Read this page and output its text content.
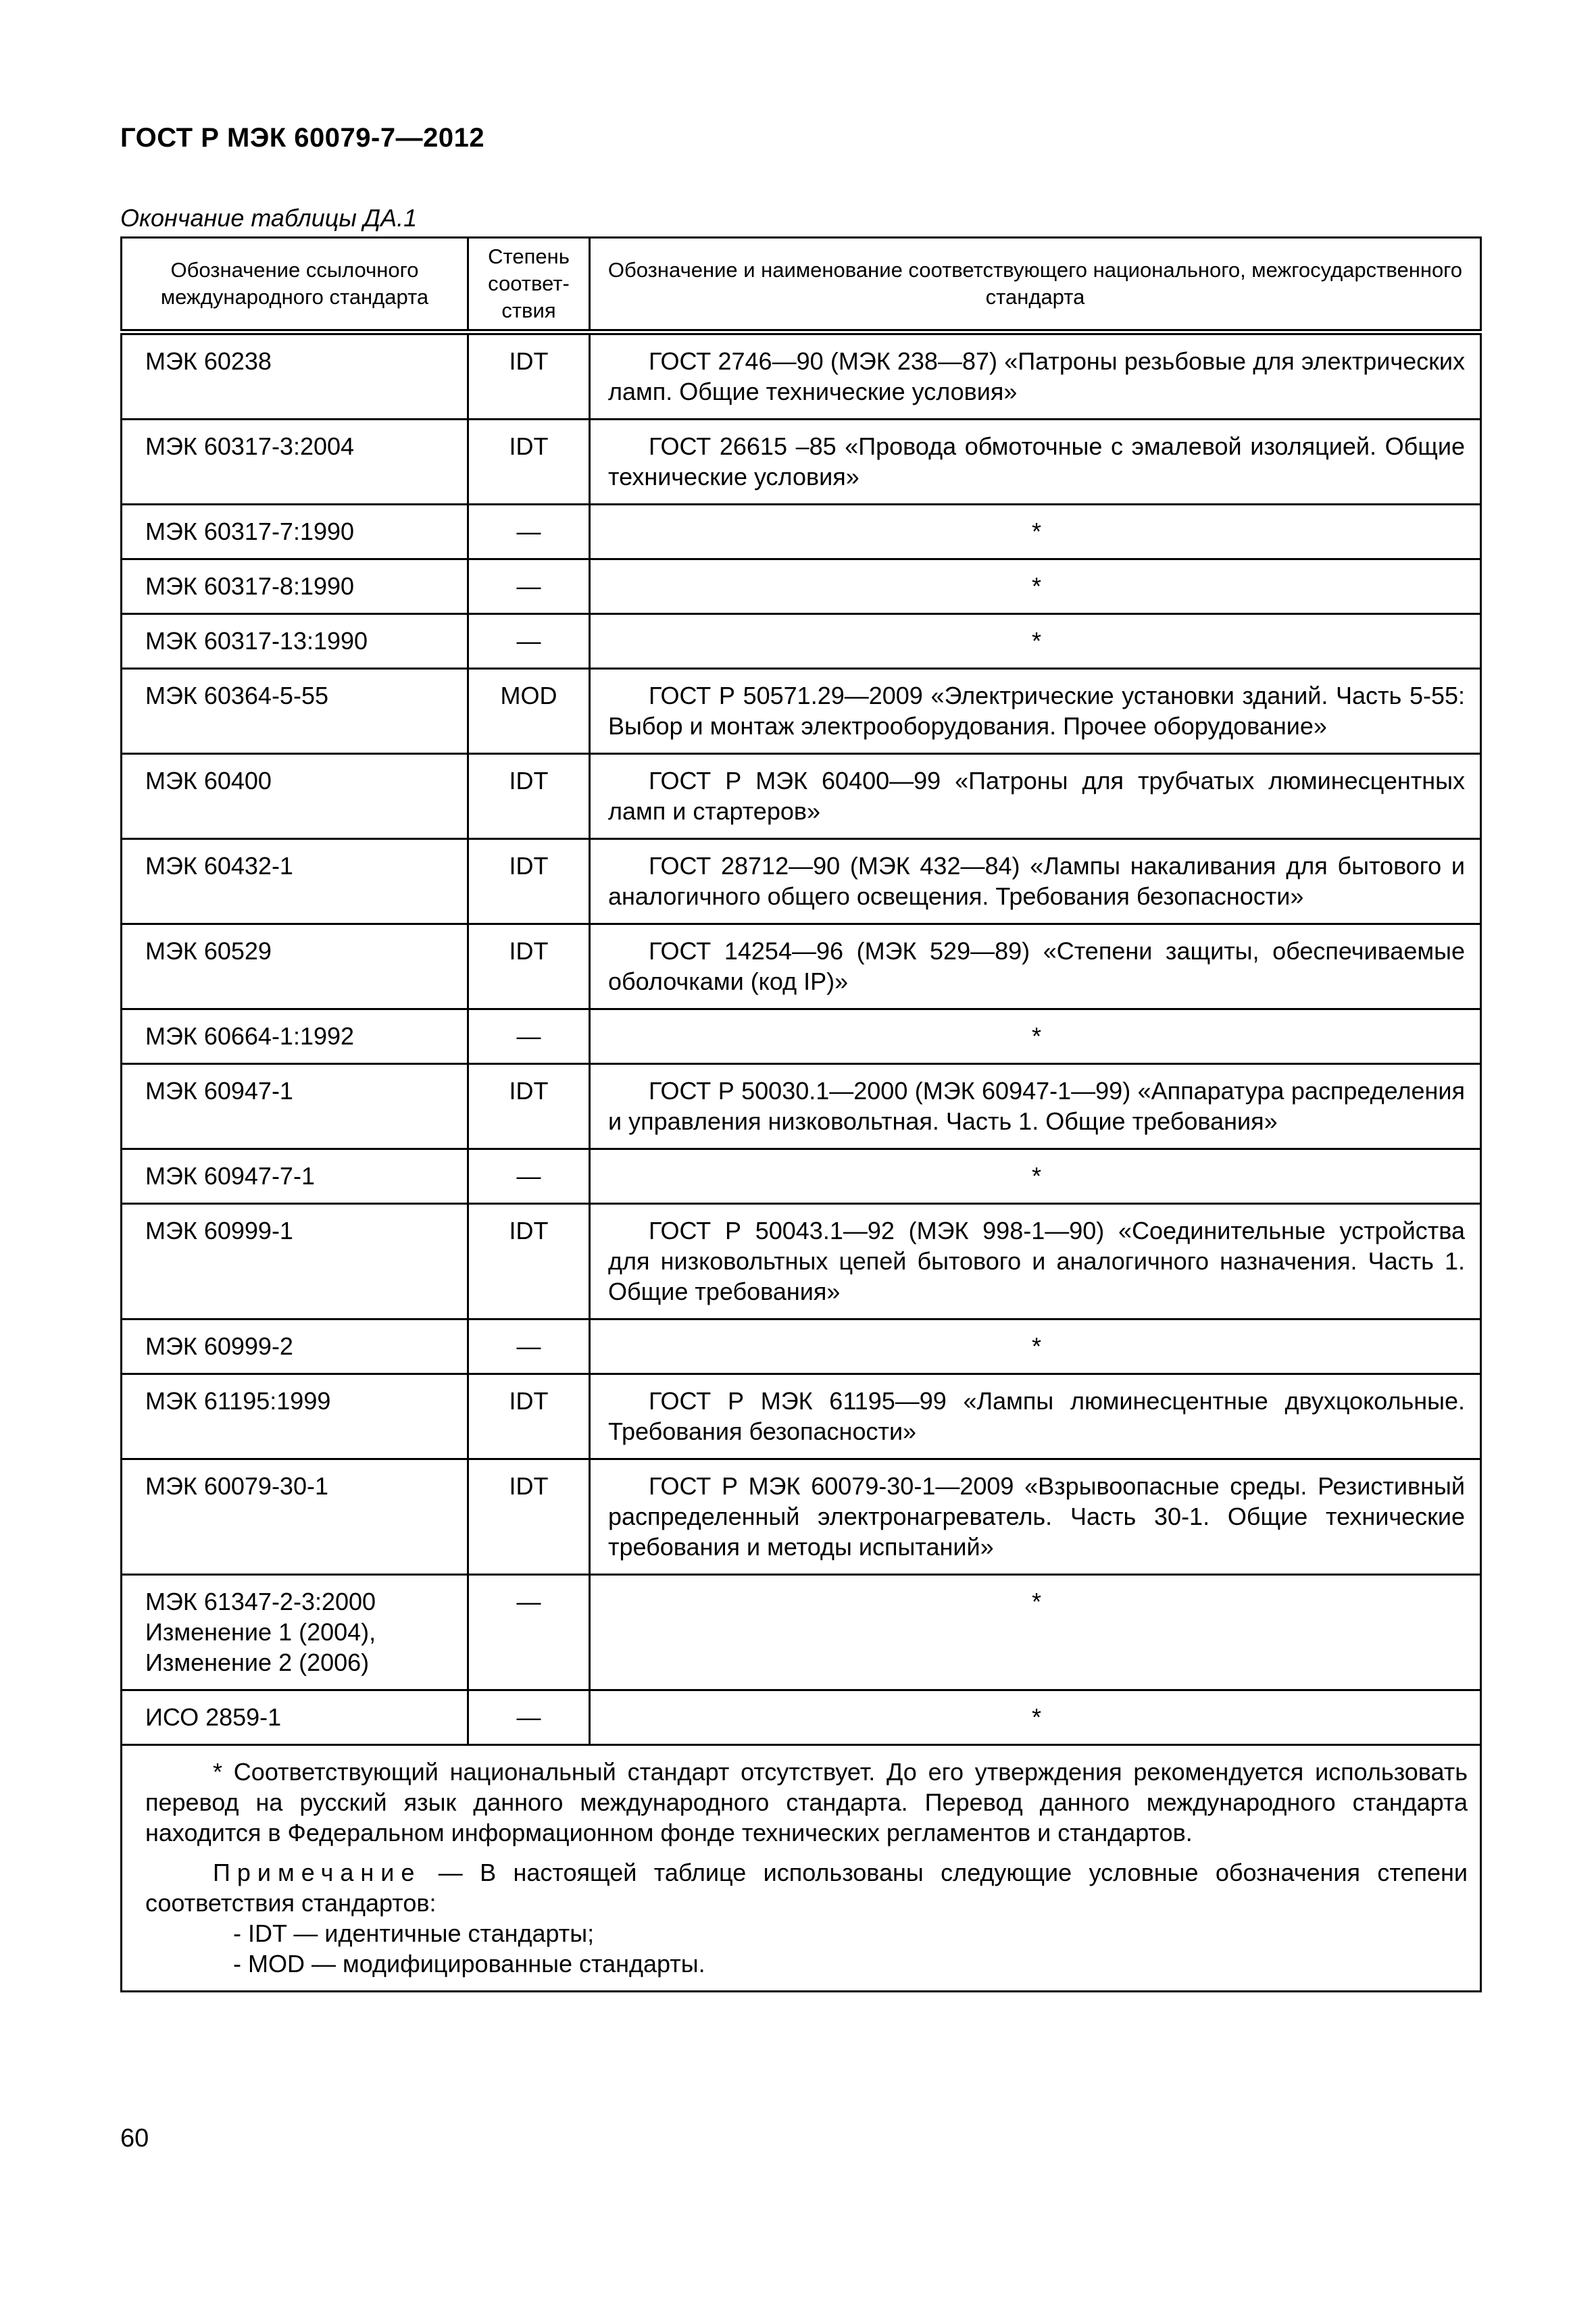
ГОСТ Р МЭК 60079-7—2012
Окончание таблицы ДА.1
Обозначение ссылочного международного стандарта	Степень соответ-ствия	Обозначение и наименование соответствующего национального, межгосударственного стандарта
МЭК 60238	IDT	ГОСТ 2746—90 (МЭК 238—87) «Патроны резьбовые для электрических ламп. Общие технические условия»
МЭК 60317-3:2004	IDT	ГОСТ 26615 –85 «Провода обмоточные с эмалевой изоляцией. Общие технические условия»
МЭК 60317-7:1990	—	*
МЭК 60317-8:1990	—	*
МЭК 60317-13:1990	—	*
МЭК 60364-5-55	MOD	ГОСТ Р 50571.29—2009 «Электрические установки зданий. Часть 5-55: Выбор и монтаж электрооборудования. Прочее оборудование»
МЭК 60400	IDT	ГОСТ Р МЭК 60400—99 «Патроны для трубчатых люминесцентных ламп и стартеров»
МЭК 60432-1	IDT	ГОСТ 28712—90 (МЭК 432—84) «Лампы накаливания для бытового и аналогичного общего освещения. Требования безопасности»
МЭК 60529	IDT	ГОСТ 14254—96 (МЭК 529—89) «Степени защиты, обеспечиваемые оболочками (код IP)»
МЭК 60664-1:1992	—	*
МЭК 60947-1	IDT	ГОСТ Р 50030.1—2000 (МЭК 60947-1—99) «Аппаратура распределения и управления низковольтная. Часть 1. Общие требования»
МЭК 60947-7-1	—	*
МЭК 60999-1	IDT	ГОСТ Р 50043.1—92 (МЭК 998-1—90) «Соединительные устройства для низковольтных цепей бытового и аналогичного назначения. Часть 1. Общие требования»
МЭК 60999-2	—	*
МЭК 61195:1999	IDT	ГОСТ Р МЭК 61195—99 «Лампы люминесцентные двухцокольные. Требования безопасности»
МЭК 60079-30-1	IDT	ГОСТ Р МЭК 60079-30-1—2009 «Взрывоопасные среды. Резистивный распределенный электронагреватель. Часть 30-1. Общие технические требования и методы испытаний»
МЭК 61347-2-3:2000 Изменение 1 (2004), Изменение 2 (2006)	—	*
ИСО 2859-1	—	*

* Соответствующий национальный стандарт отсутствует. До его утверждения рекомендуется использовать перевод на русский язык данного международного стандарта. Перевод данного международного стандарта находится в Федеральном информационном фонде технических регламентов и стандартов.

Примечание — В настоящей таблице использованы следующие условные обозначения степени соответствия стандартов:

- IDT — идентичные стандарты;

- MOD — модифицированные стандарты.		

60
